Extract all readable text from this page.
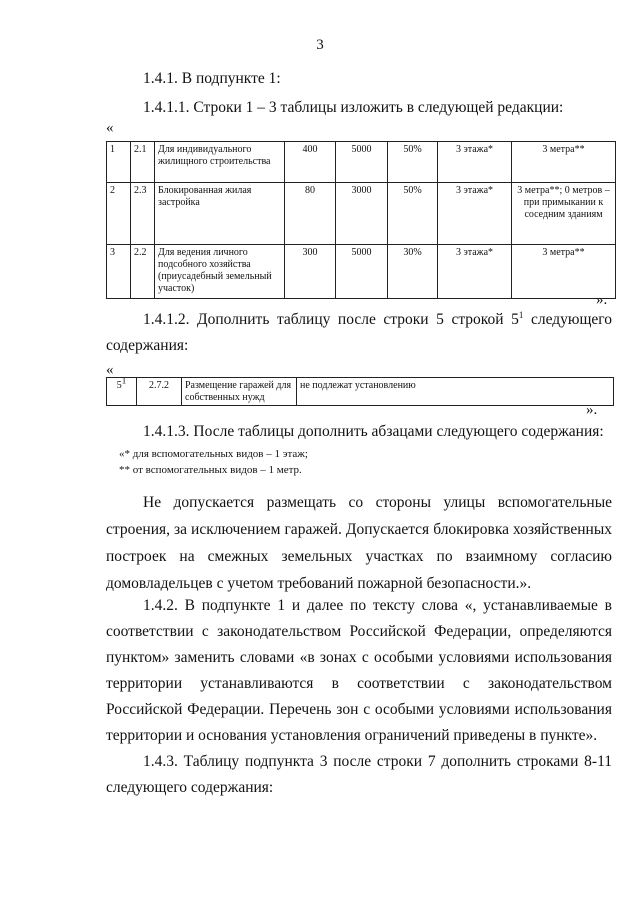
3

1.4.1. В подпункте 1:

1.4.1.1. Строки 1 – 3 таблицы изложить в следующей редакции:

«
1	2.1	Для индивидуального жилищного строительства	400	5000	50%	3 этажа*	3 метра**
2	2.3	Блокированная жилая застройка	80	3000	50%	3 этажа*	3 метра**; 0 метров – при примыкании к соседним зданиям
3	2.2	Для ведения личного подсобного хозяйства (приусадебный земельный участок)	300	5000	30%	3 этажа*	3 метра**
».

1.4.1.2. Дополнить таблицу после строки 5 строкой $5^1$ следующего

содержания:

«
$5^1$	2.7.2	Размещение гаражей для собственных нужд	не подлежат установлению
».

1.4.1.3. После таблицы дополнить абзацами следующего содержания:

«* для вспомогательных видов – 1 этаж;
** от вспомогательных видов – 1 метр.

Не допускается размещать со стороны улицы вспомогательные

строения, за исключением гаражей. Допускается блокировка хозяйственных

построек на смежных земельных участках по взаимному согласию

домовладельцев с учетом требований пожарной безопасности.».

1.4.2. В подпункте 1 и далее по тексту слова «, устанавливаемые в

соответствии с законодательством Российской Федерации, определяются

пунктом» заменить словами «в зонах с особыми условиями использования

территории устанавливаются в соответствии с законодательством

Российской Федерации. Перечень зон с особыми условиями использования

территории и основания установления ограничений приведены в пункте».

1.4.3. Таблицу подпункта 3 после строки 7 дополнить строками 8-11

следующего содержания:
